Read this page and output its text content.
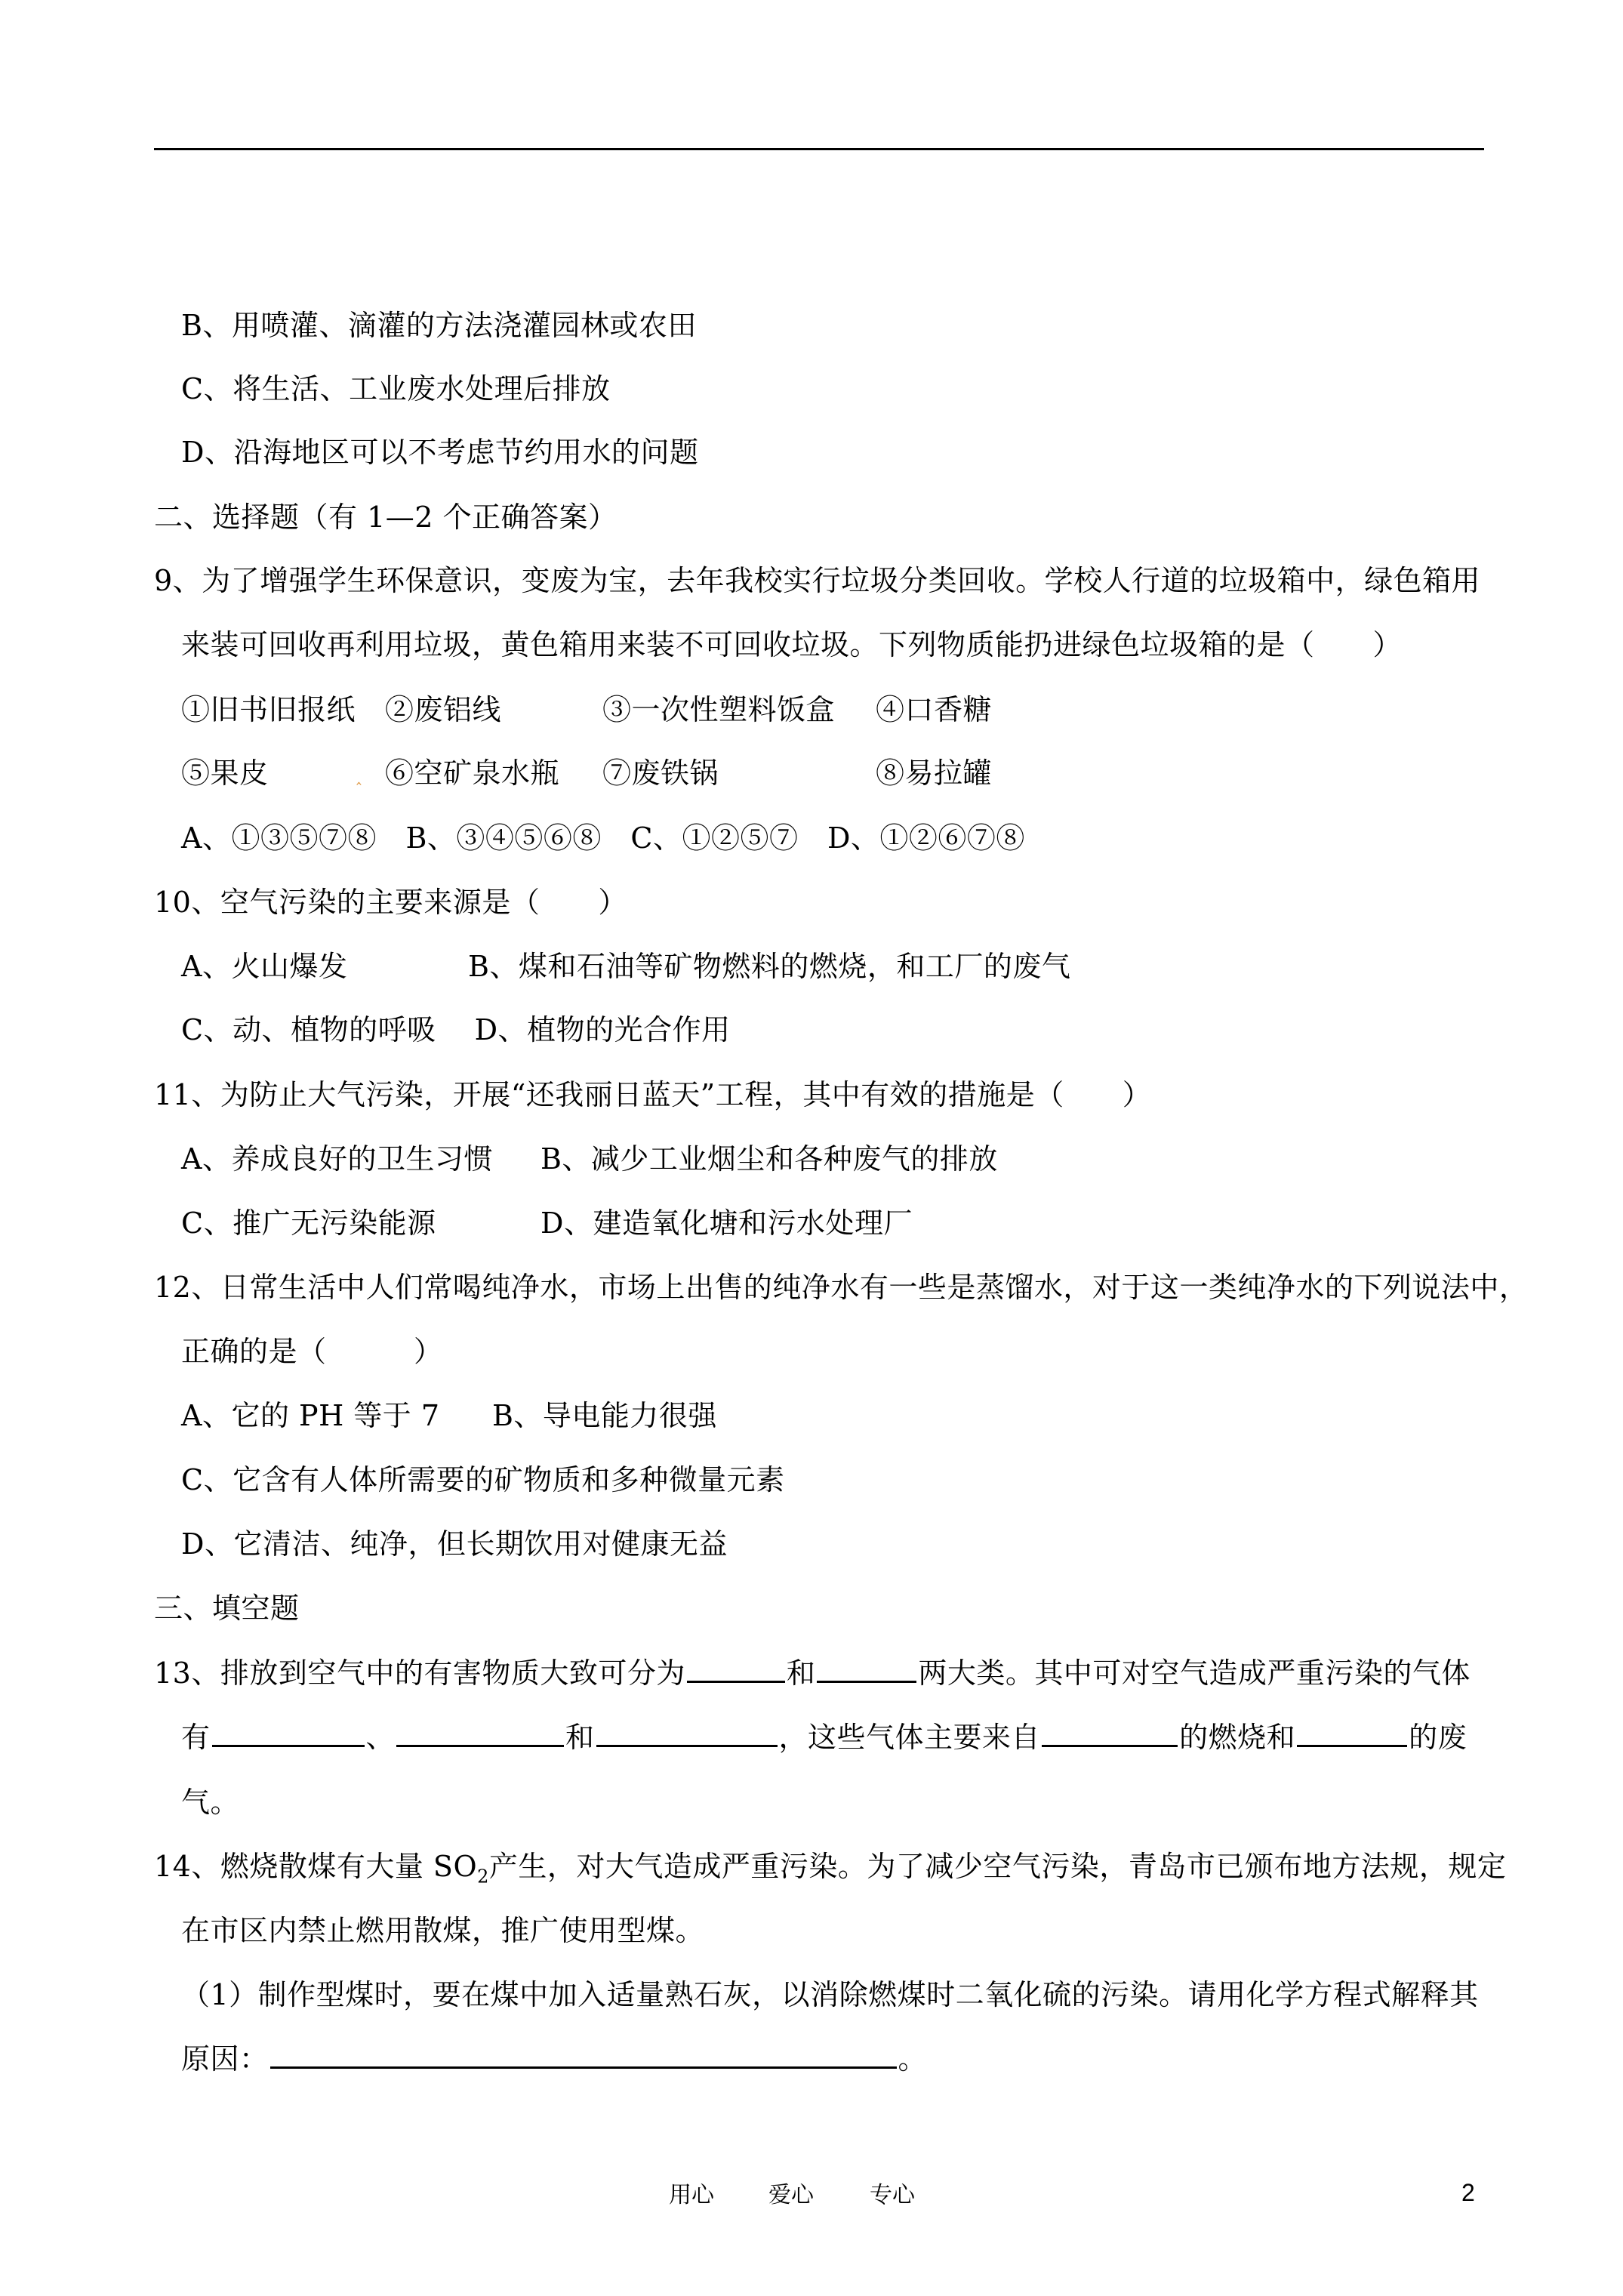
B、用喷灌、滴灌的方法浇灌园林或农田
C、将生活、工业废水处理后排放
D、沿海地区可以不考虑节约用水的问题
二、选择题（有 1—2 个正确答案）
9、为了增强学生环保意识，变废为宝，去年我校实行垃圾分类回收。学校人行道的垃圾箱中，绿色箱用
来装可回收再利用垃圾，黄色箱用来装不可回收垃圾。下列物质能扔进绿色垃圾箱的是（　　）
①旧书旧报纸 ②废铝线	③一次性塑料饭盒 ④口香糖
⑤果皮	‸ ⑥空矿泉水瓶 ⑦废铁锅	⑧易拉罐
A、①③⑤⑦⑧　B、③④⑤⑥⑧　C、①②⑤⑦　D、①②⑥⑦⑧
10、空气污染的主要来源是（　　）
A、火山爆发	B、煤和石油等矿物燃料的燃烧，和工厂的废气
C、动、植物的呼吸　 D、植物的光合作用
11、为防止大气污染，开展“还我丽日蓝天”工程，其中有效的措施是（　　）
A、养成良好的卫生习惯 B、减少工业烟尘和各种废气的排放
C、推广无污染能源	D、建造氧化塘和污水处理厂
12、日常生活中人们常喝纯净水，市场上出售的纯净水有一些是蒸馏水，对于这一类纯净水的下列说法中，
正确的是（　　　）
A、它的 PH 等于 7 B、导电能力很强
C、它含有人体所需要的矿物质和多种微量元素
D、它清洁、纯净，但长期饮用对健康无益
三、填空题
13、排放到空气中的有害物质大致可分为	和	两大类。其中可对空气造成严重污染的气体
有	、	和	，这些气体主要来自	的燃烧和	的废
气。
14、燃烧散煤有大量 $SO_2$产生，对大气造成严重污染。为了减少空气污染，青岛市已颁布地方法规，规定
在市区内禁止燃用散煤，推广使用型煤。
（1）制作型煤时，要在煤中加入适量熟石灰，以消除燃煤时二氧化硫的污染。请用化学方程式解释其
原因：	。
用心 爱心 专心	2
